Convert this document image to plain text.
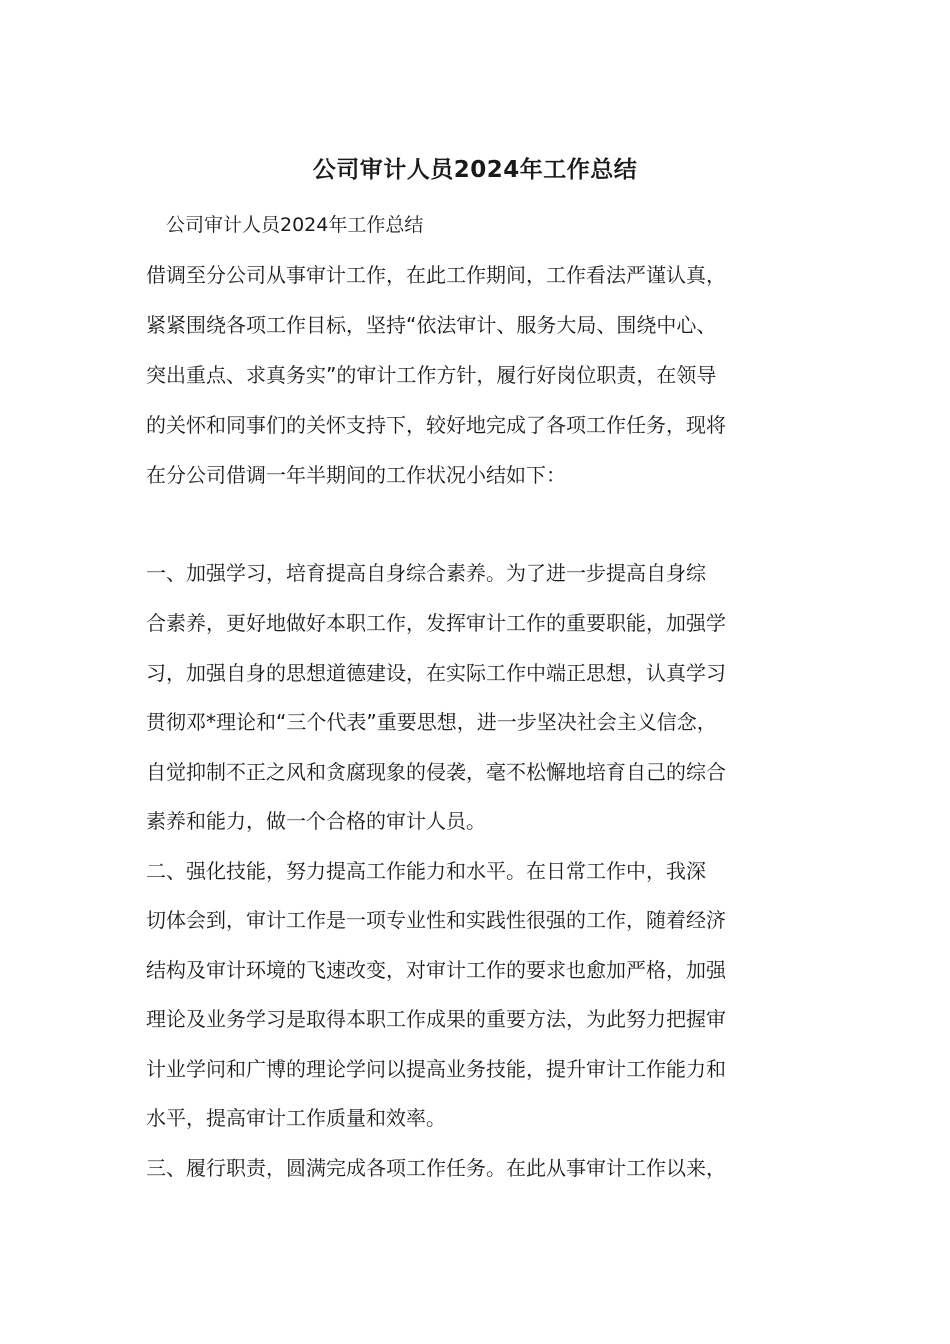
公司审计人员2024年工作总结
公司审计人员2024年工作总结
借调至分公司从事审计工作，在此工作期间，工作看法严谨认真，
紧紧围绕各项工作目标，坚持“依法审计、服务大局、围绕中心、
突出重点、求真务实”的审计工作方针，履行好岗位职责，在领导
的关怀和同事们的关怀支持下，较好地完成了各项工作任务，现将
在分公司借调一年半期间的工作状况小结如下：
一、加强学习，培育提高自身综合素养。为了进一步提高自身综
合素养，更好地做好本职工作，发挥审计工作的重要职能，加强学
习，加强自身的思想道德建设，在实际工作中端正思想，认真学习
贯彻邓*理论和“三个代表”重要思想，进一步坚决社会主义信念，
自觉抑制不正之风和贪腐现象的侵袭，毫不松懈地培育自己的综合
素养和能力，做一个合格的审计人员。
二、强化技能，努力提高工作能力和水平。在日常工作中，我深
切体会到，审计工作是一项专业性和实践性很强的工作，随着经济
结构及审计环境的飞速改变，对审计工作的要求也愈加严格，加强
理论及业务学习是取得本职工作成果的重要方法，为此努力把握审
计业学问和广博的理论学问以提高业务技能，提升审计工作能力和
水平，提高审计工作质量和效率。
三、履行职责，圆满完成各项工作任务。在此从事审计工作以来，
